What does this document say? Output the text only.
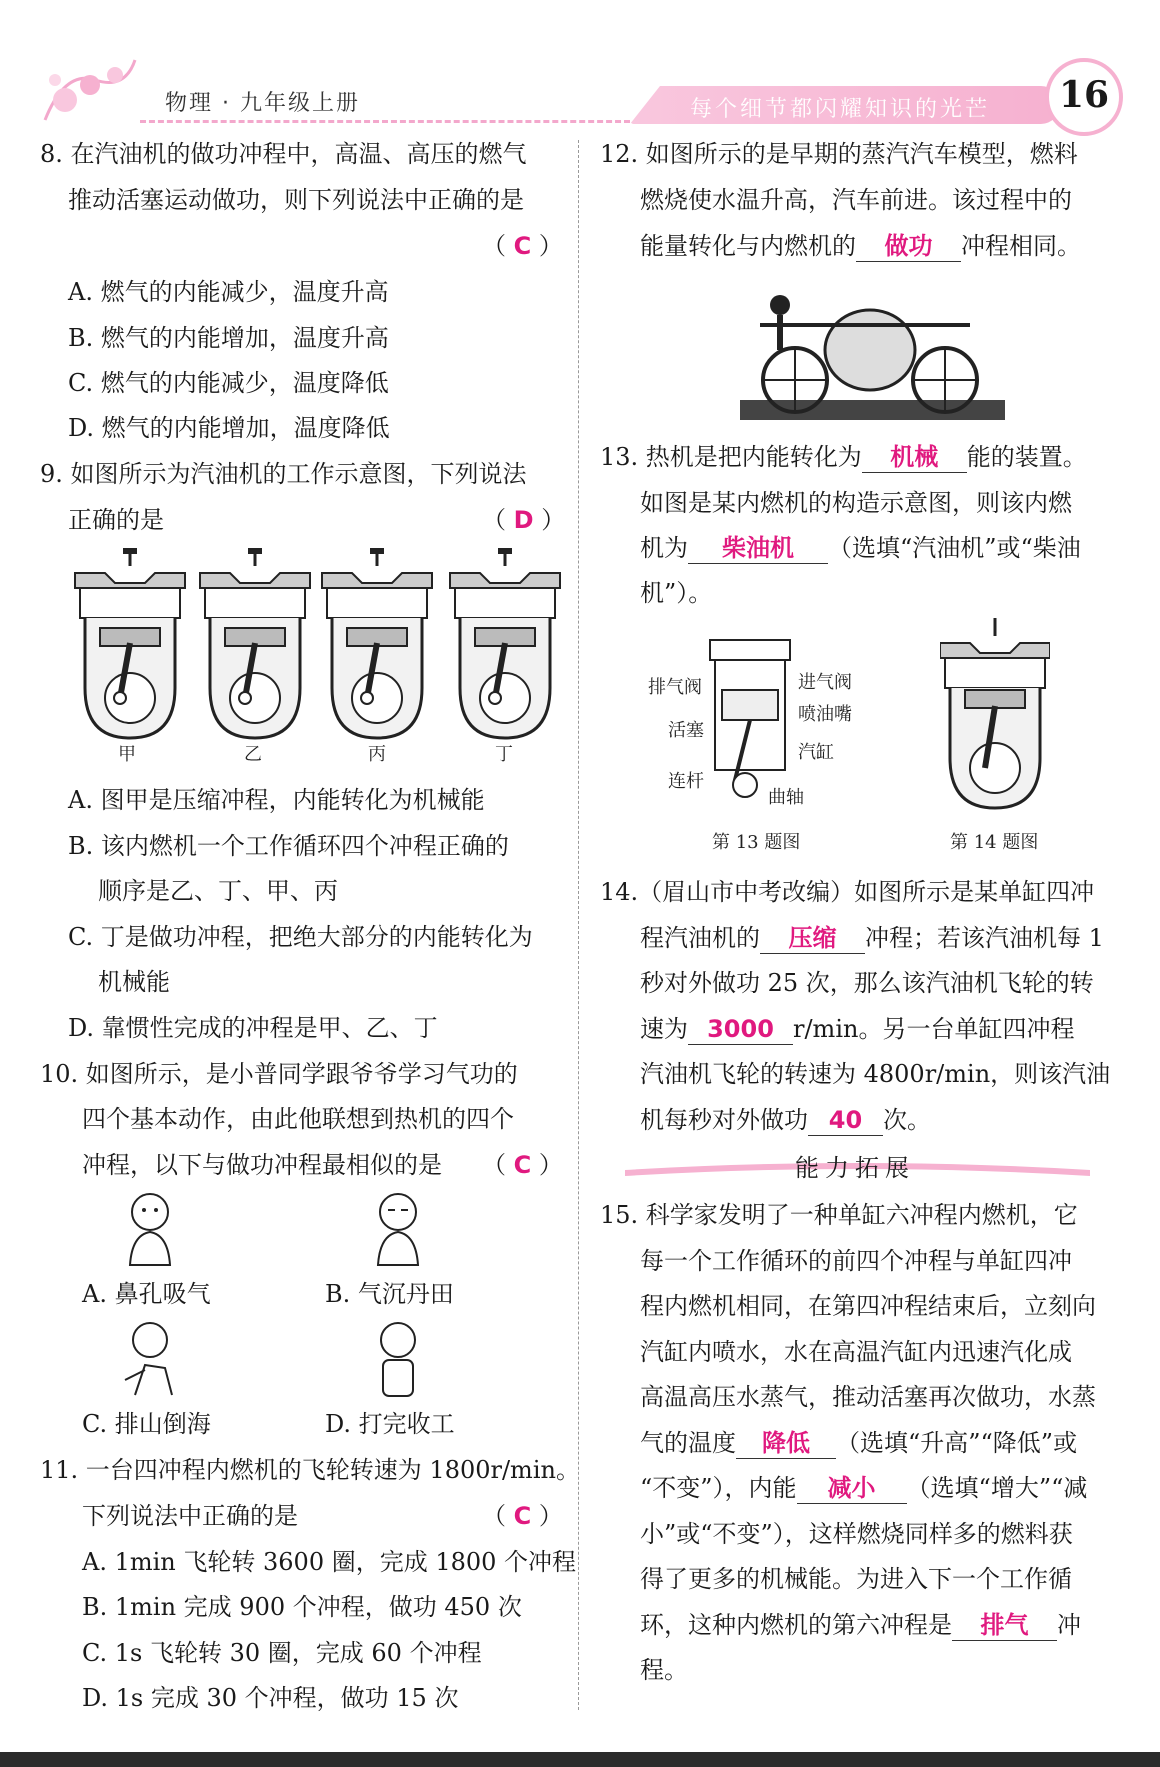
物理 · 九年级上册	每个细节都闪耀知识的光芒	16
8. 在汽油机的做功冲程中，高温、高压的燃气
推动活塞运动做功，则下列说法中正确的是
（ C ）
A. 燃气的内能减少，温度升高
B. 燃气的内能增加，温度升高
C. 燃气的内能减少，温度降低
D. 燃气的内能增加，温度降低
9. 如图所示为汽油机的工作示意图，下列说法
正确的是	（ D ）
甲	乙	丙	丁
A. 图甲是压缩冲程，内能转化为机械能
B. 该内燃机一个工作循环四个冲程正确的
顺序是乙、丁、甲、丙
C. 丁是做功冲程，把绝大部分的内能转化为
机械能
D. 靠惯性完成的冲程是甲、乙、丁
10. 如图所示，是小普同学跟爷爷学习气功的
四个基本动作，由此他联想到热机的四个
冲程，以下与做功冲程最相似的是 （ C ）
A. 鼻孔吸气	B. 气沉丹田
C. 排山倒海	D. 打完收工
11. 一台四冲程内燃机的飞轮转速为 1800r/min。
下列说法中正确的是	（ C ）
A. 1min 飞轮转 3600 圈，完成 1800 个冲程
B. 1min 完成 900 个冲程，做功 450 次
C. 1s 飞轮转 30 圈，完成 60 个冲程
D. 1s 完成 30 个冲程，做功 15 次
12. 如图所示的是早期的蒸汽汽车模型，燃料
燃烧使水温升高，汽车前进。该过程中的
能量转化与内燃机的 做功 冲程相同。
13. 热机是把内能转化为 机械 能的装置。
如图是某内燃机的构造示意图，则该内燃
机为 柴油机 （选填“汽油机”或“柴油
机”）。
排气阀	进气阀
喷油嘴
活塞
汽缸
连杆
曲轴
第 13 题图	第 14 题图
14.（眉山市中考改编）如图所示是某单缸四冲
程汽油机的 压缩 冲程；若该汽油机每 1
秒对外做功 25 次，那么该汽油机飞轮的转
速为 3000 r/min。另一台单缸四冲程
汽油机飞轮的转速为 4800r/min，则该汽油
机每秒对外做功 40 次。
能力拓展
15. 科学家发明了一种单缸六冲程内燃机，它
每一个工作循环的前四个冲程与单缸四冲
程内燃机相同，在第四冲程结束后，立刻向
汽缸内喷水，水在高温汽缸内迅速汽化成
高温高压水蒸气，推动活塞再次做功，水蒸
气的温度 降低 （选填“升高”“降低”或
“不变”），内能 减小 （选填“增大”“减
小”或“不变”），这样燃烧同样多的燃料获
得了更多的机械能。为进入下一个工作循
环，这种内燃机的第六冲程是 排气 冲
程。
